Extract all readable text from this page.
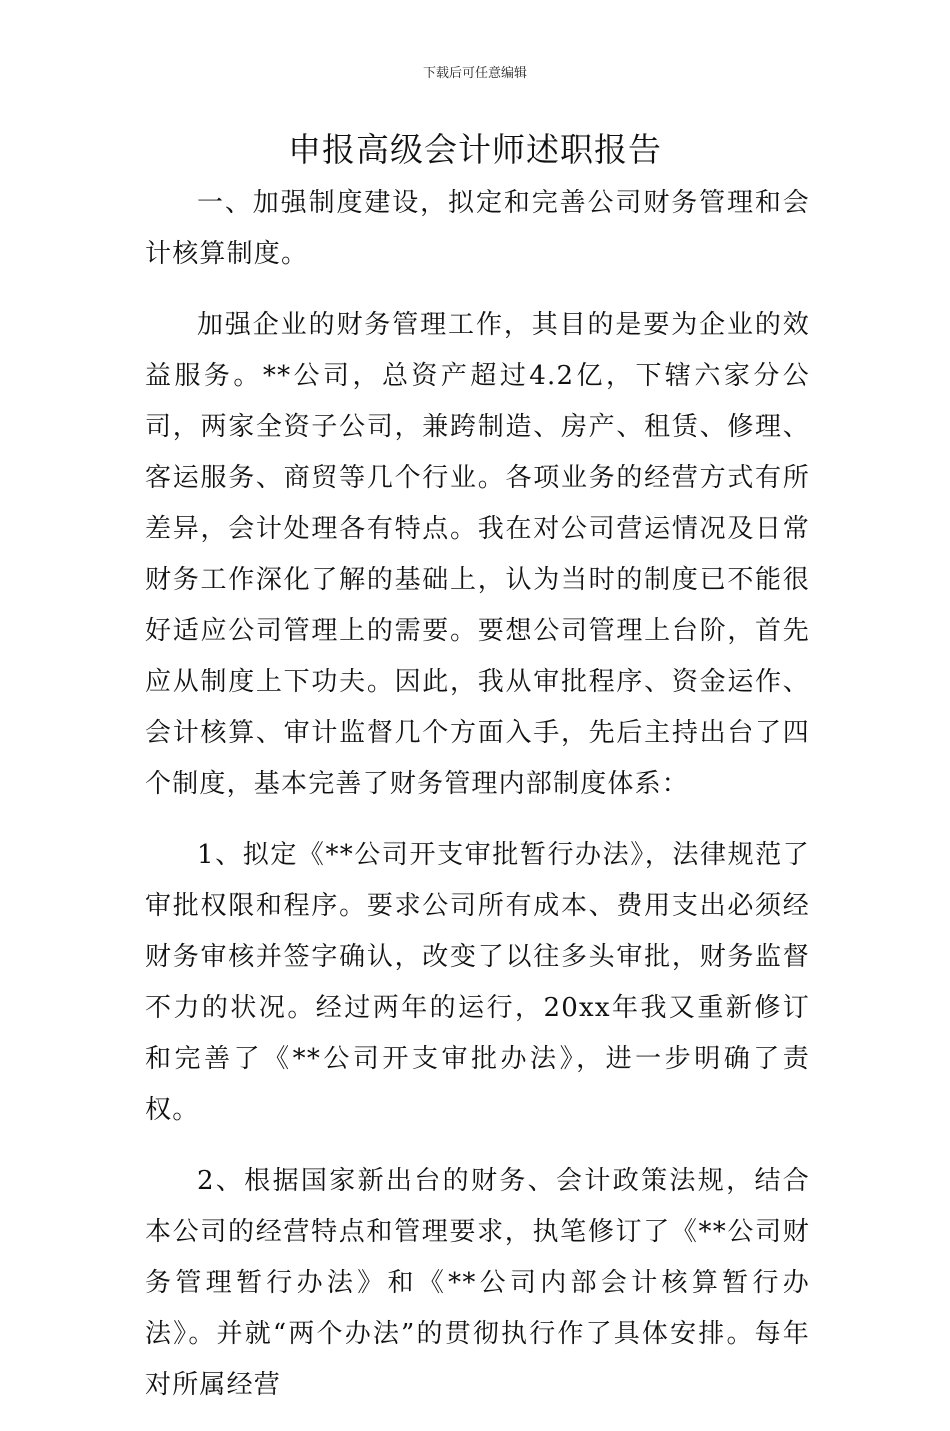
下载后可任意编辑
申报高级会计师述职报告

一、加强制度建设，拟定和完善公司财务管理和会计核算制度。

加强企业的财务管理工作，其目的是要为企业的效益服务。**公司，总资产超过4.2亿，下辖六家分公司，两家全资子公司，兼跨制造、房产、租赁、修理、客运服务、商贸等几个行业。各项业务的经营方式有所差异，会计处理各有特点。我在对公司营运情况及日常财务工作深化了解的基础上，认为当时的制度已不能很好适应公司管理上的需要。要想公司管理上台阶，首先应从制度上下功夫。因此，我从审批程序、资金运作、会计核算、审计监督几个方面入手，先后主持出台了四个制度，基本完善了财务管理内部制度体系：

1、拟定《**公司开支审批暂行办法》，法律规范了审批权限和程序。要求公司所有成本、费用支出必须经财务审核并签字确认，改变了以往多头审批，财务监督不力的状况。经过两年的运行，20xx年我又重新修订和完善了《**公司开支审批办法》，进一步明确了责权。

2、根据国家新出台的财务、会计政策法规，结合本公司的经营特点和管理要求，执笔修订了《**公司财务管理暂行办法》和《**公司内部会计核算暂行办法》。并就“两个办法”的贯彻执行作了具体安排。每年对所属经营
